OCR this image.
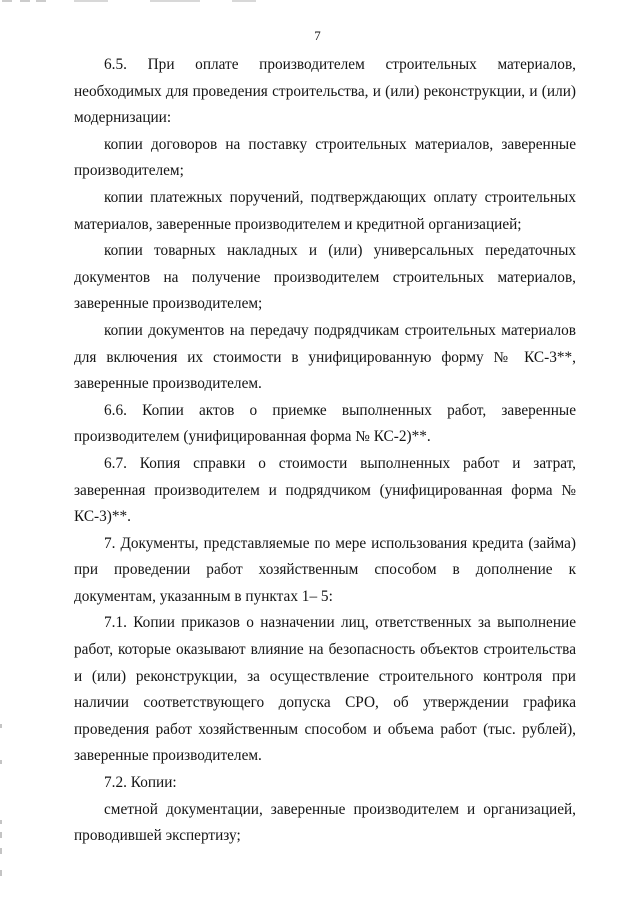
7

6.5. При оплате производителем строительных материалов, необходимых для проведения строительства, и (или) реконструкции, и (или) модернизации:

копии договоров на поставку строительных материалов, заверенные производителем;

копии платежных поручений, подтверждающих оплату строительных материалов, заверенные производителем и кредитной организацией;

копии товарных накладных и (или) универсальных передаточных документов на получение производителем строительных материалов, заверенные производителем;

копии документов на передачу подрядчикам строительных материалов для включения их стоимости в унифицированную форму № КС-3**, заверенные производителем.

6.6. Копии актов о приемке выполненных работ, заверенные производителем (унифицированная форма № КС-2)**.

6.7. Копия справки о стоимости выполненных работ и затрат, заверенная производителем и подрядчиком (унифицированная форма № КС-3)**.

7. Документы, представляемые по мере использования кредита (займа) при проведении работ хозяйственным способом в дополнение к документам, указанным в пунктах 1– 5:

7.1. Копии приказов о назначении лиц, ответственных за выполнение работ, которые оказывают влияние на безопасность объектов строительства и (или) реконструкции, за осуществление строительного контроля при наличии соответствующего допуска СРО, об утверждении графика проведения работ хозяйственным способом и объема работ (тыс. рублей), заверенные производителем.

7.2. Копии:

сметной документации, заверенные производителем и организацией, проводившей экспертизу;
